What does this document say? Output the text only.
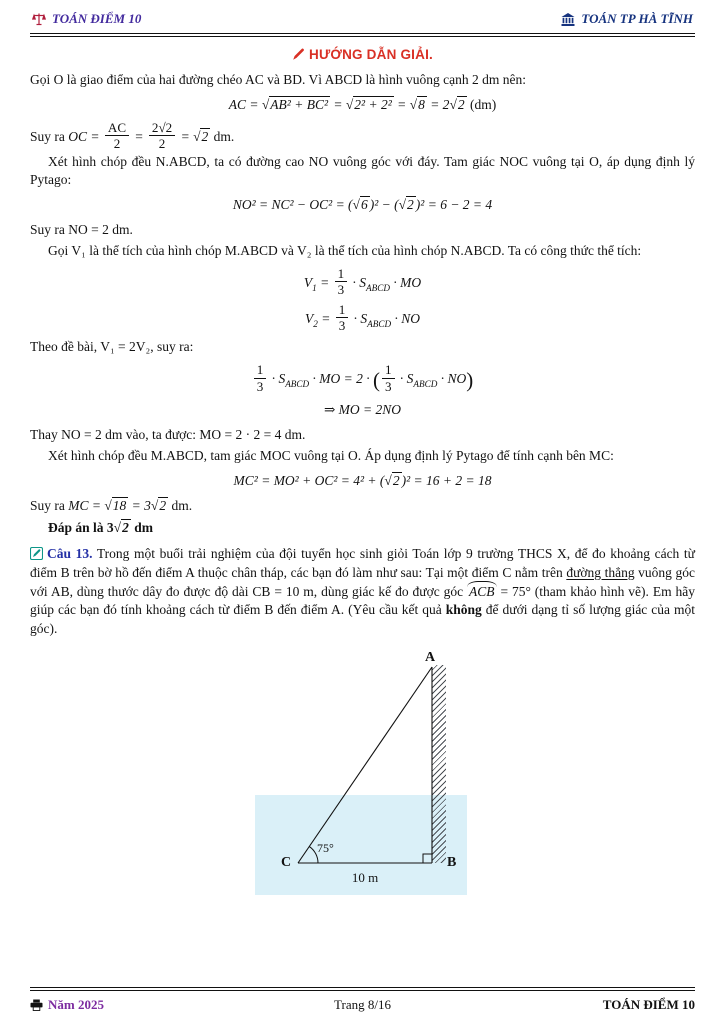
TOÁN ĐIỂM 10	TOÁN TP HÀ TĨNH
HƯỚNG DẪN GIẢI.

Gọi O là giao điểm của hai đường chéo AC và BD. Vì ABCD là hình vuông cạnh 2 dm nên:

AC = √AB² + BC² = √2² + 2² = √8 = 2√2 (dm)

Suy ra OC = $\frac{AC}{2} = \frac{2√2}{2} = √2$ dm.

Xét hình chóp đều N.ABCD, ta có đường cao NO vuông góc với đáy. Tam giác NOC vuông tại O, áp dụng định lý Pytago:

NO² = NC² − OC² = (√6 )² − (√2 )² = 6 − 2 = 4

Suy ra NO = 2 dm.

Gọi V₁ là thể tích của hình chóp M.ABCD và V₂ là thể tích của hình chóp N.ABCD. Ta có công thức thể tích:

$V_1 = \frac{1}{3} \cdot S_{ABCD}$ · MO
$V_2 = \frac{1}{3} \cdot S_{ABCD}$ · NO

Theo đề bài, V₁ = 2V₂, suy ra:

$\frac{1}{3} \cdot S_{ABCD}$ · MO = 2 · ( $\frac{1}{3} \cdot S_{ABCD} \cdot NO$)
⇒ MO = 2NO

Thay NO = 2 dm vào, ta được: MO = 2 · 2 = 4 dm.

Xét hình chóp đều M.ABCD, tam giác MOC vuông tại O. Áp dụng định lý Pytago để tính cạnh bên MC:

MC² = MO² + OC² = 4² + (√2 )² = 16 + 2 = 18

Suy ra MC = √18 = 3√2 dm.

Đáp án là 3√2 dm

Câu 13. Trong một buổi trải nghiệm của đội tuyển học sinh giỏi Toán lớp 9 trường THCS X, để đo khoảng cách từ điểm B trên bờ hồ đến điểm A thuộc chân tháp, các bạn đó làm như sau: Tại một điểm C nằm trên đường thẳng vuông góc với AB, dùng thước dây đo được độ dài CB = 10 m, dùng giác kế đo được góc ACB = 75° (tham khảo hình vẽ). Em hãy giúp các bạn đó tính khoảng cách từ điểm B đến điểm A. (Yêu cầu kết quả không để dưới dạng tỉ số lượng giác của một góc).

A
B
C
75°
10 m
Năm 2025	Trang 8/16	TOÁN ĐIỂM 10
